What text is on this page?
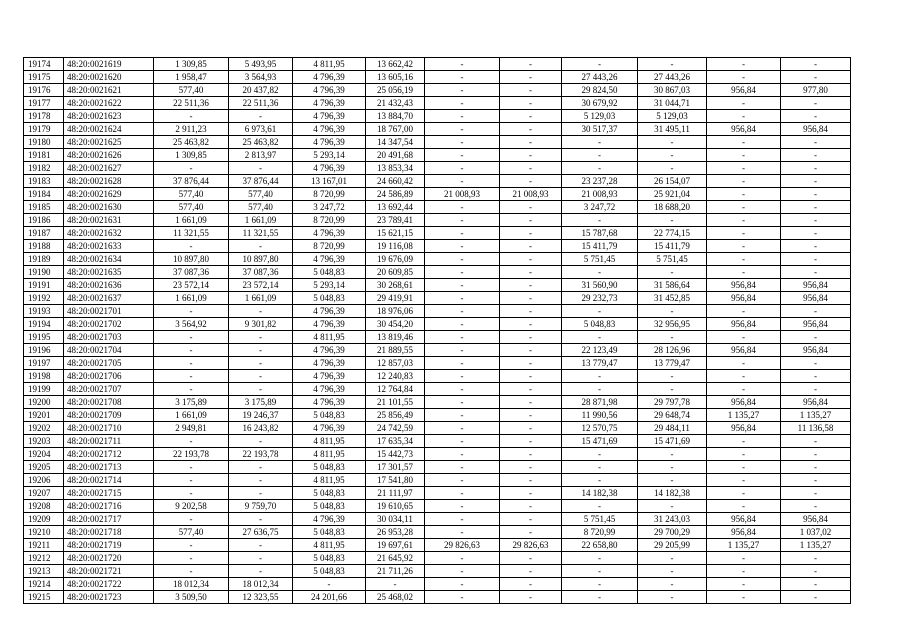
19174	48:20:0021619	1 309,85	5 493,95	4 811,95	13 662,42	-	-	-	-	-	-
19175	48:20:0021620	1 958,47	3 564,93	4 796,39	13 605,16	-	-	27 443,26	27 443,26	-	-
19176	48:20:0021621	577,40	20 437,82	4 796,39	25 056,19	-	-	29 824,50	30 867,03	956,84	977,80
19177	48:20:0021622	22 511,36	22 511,36	4 796,39	21 432,43	-	-	30 679,92	31 044,71	-	-
19178	48:20:0021623	-	-	4 796,39	13 884,70	-	-	5 129,03	5 129,03	-	-
19179	48:20:0021624	2 911,23	6 973,61	4 796,39	18 767,00	-	-	30 517,37	31 495,11	956,84	956,84
19180	48:20:0021625	25 463,82	25 463,82	4 796,39	14 347,54	-	-	-	-	-	-
19181	48:20:0021626	1 309,85	2 813,97	5 293,14	20 491,68	-	-	-	-	-	-
19182	48:20:0021627	-	-	4 796,39	13 853,34	-	-	-	-	-	-
19183	48:20:0021628	37 876,44	37 876,44	13 167,01	24 660,42	-	-	23 237,28	26 154,07	-	-
19184	48:20:0021629	577,40	577,40	8 720,99	24 586,89	21 008,93	21 008,93	21 008,93	25 921,04	-	-
19185	48:20:0021630	577,40	577,40	3 247,72	13 692,44	-	-	3 247,72	18 688,20	-	-
19186	48:20:0021631	1 661,09	1 661,09	8 720,99	23 789,41	-	-	-	-	-	-
19187	48:20:0021632	11 321,55	11 321,55	4 796,39	15 621,15	-	-	15 787,68	22 774,15	-	-
19188	48:20:0021633	-	-	8 720,99	19 116,08	-	-	15 411,79	15 411,79	-	-
19189	48:20:0021634	10 897,80	10 897,80	4 796,39	19 676,09	-	-	5 751,45	5 751,45	-	-
19190	48:20:0021635	37 087,36	37 087,36	5 048,83	20 609,85	-	-	-	-	-	-
19191	48:20:0021636	23 572,14	23 572,14	5 293,14	30 268,61	-	-	31 560,90	31 586,64	956,84	956,84
19192	48:20:0021637	1 661,09	1 661,09	5 048,83	29 419,91	-	-	29 232,73	31 452,85	956,84	956,84
19193	48:20:0021701	-	-	4 796,39	18 976,06	-	-	-	-	-	-
19194	48:20:0021702	3 564,92	9 301,82	4 796,39	30 454,20	-	-	5 048,83	32 956,95	956,84	956,84
19195	48:20:0021703	-	-	4 811,95	13 819,46	-	-	-	-	-	-
19196	48:20:0021704	-	-	4 796,39	21 889,55	-	-	22 123,49	28 126,96	956,84	956,84
19197	48:20:0021705	-	-	4 796,39	12 857,03	-	-	13 779,47	13 779,47	-	-
19198	48:20:0021706	-	-	4 796,39	12 240,83	-	-	-	-	-	-
19199	48:20:0021707	-	-	4 796,39	12 764,84	-	-	-	-	-	-
19200	48:20:0021708	3 175,89	3 175,89	4 796,39	21 101,55	-	-	28 871,98	29 797,78	956,84	956,84
19201	48:20:0021709	1 661,09	19 246,37	5 048,83	25 856,49	-	-	11 990,56	29 648,74	1 135,27	1 135,27
19202	48:20:0021710	2 949,81	16 243,82	4 796,39	24 742,59	-	-	12 570,75	29 484,11	956,84	11 136,58
19203	48:20:0021711	-	-	4 811,95	17 635,34	-	-	15 471,69	15 471,69	-	-
19204	48:20:0021712	22 193,78	22 193,78	4 811,95	15 442,73	-	-	-	-	-	-
19205	48:20:0021713	-	-	5 048,83	17 301,57	-	-	-	-	-	-
19206	48:20:0021714	-	-	4 811,95	17 541,80	-	-	-	-	-	-
19207	48:20:0021715	-	-	5 048,83	21 111,97	-	-	14 182,38	14 182,38	-	-
19208	48:20:0021716	9 202,58	9 759,70	5 048,83	19 610,65	-	-	-	-	-	-
19209	48:20:0021717	-	-	4 796,39	30 034,11	-	-	5 751,45	31 243,03	956,84	956,84
19210	48:20:0021718	577,40	27 636,75	5 048,83	26 953,28	-	-	8 720,99	29 700,29	956,84	1 037,02
19211	48:20:0021719	-	-	4 811,95	19 697,61	29 826,63	29 826,63	22 658,80	29 205,99	1 135,27	1 135,27
19212	48:20:0021720	-	-	5 048,83	21 645,92	-	-	-	-	-	-
19213	48:20:0021721	-	-	5 048,83	21 711,26	-	-	-	-	-	-
19214	48:20:0021722	18 012,34	18 012,34	-	-	-	-	-	-	-	-
19215	48:20:0021723	3 509,50	12 323,55	24 201,66	25 468,02	-	-	-	-	-	-
